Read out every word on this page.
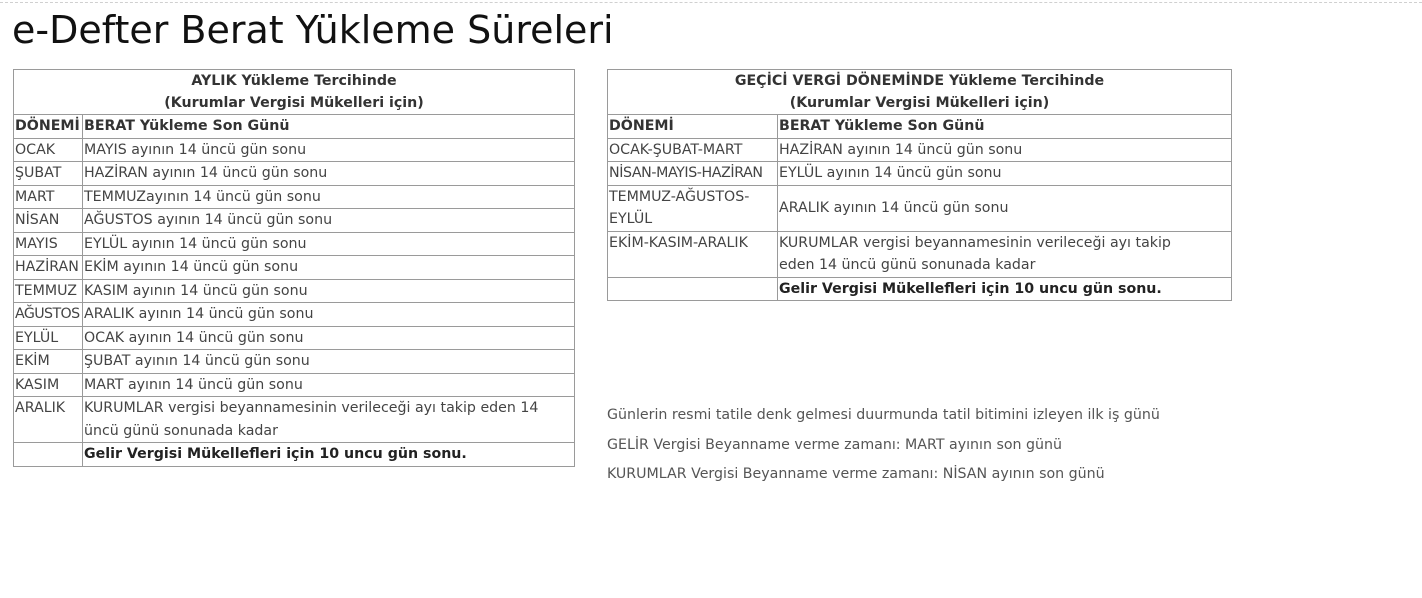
e-Defter Berat Yükleme Süreleri
AYLIK Yükleme Tercihinde
(Kurumlar Vergisi Mükelleri için)	

DÖNEMİ	BERAT Yükleme Son Günü
OCAK	MAYIS ayının 14 üncü gün sonu
ŞUBAT	HAZİRAN ayının 14 üncü gün sonu
MART	TEMMUZayının 14 üncü gün sonu
NİSAN	AĞUSTOS ayının 14 üncü gün sonu
MAYIS	EYLÜL ayının 14 üncü gün sonu
HAZİRAN	EKİM ayının 14 üncü gün sonu
TEMMUZ	KASIM ayının 14 üncü gün sonu
AĞUSTOS	ARALIK ayının 14 üncü gün sonu
EYLÜL	OCAK ayının 14 üncü gün sonu
EKİM	ŞUBAT ayının 14 üncü gün sonu
KASIM	MART ayının 14 üncü gün sonu
ARALIK	KURUMLAR vergisi beyannamesinin verileceği ayı takip eden 14 üncü günü sonunada kadar
	Gelir Vergisi Mükellefleri için 10 uncu gün sonu.
GEÇİCİ VERGİ DÖNEMİNDE Yükleme Tercihinde
(Kurumlar Vergisi Mükelleri için)	

DÖNEMİ	BERAT Yükleme Son Günü
OCAK-ŞUBAT-MART	HAZİRAN ayının 14 üncü gün sonu
NİSAN-MAYIS-HAZİRAN	EYLÜL ayının 14 üncü gün sonu
TEMMUZ-AĞUSTOS-EYLÜL	ARALIK ayının 14 üncü gün sonu
EKİM-KASIM-ARALIK	KURUMLAR vergisi beyannamesinin verileceği ayı takip eden 14 üncü günü sonunada kadar
	Gelir Vergisi Mükellefleri için 10 uncu gün sonu.

Günlerin resmi tatile denk gelmesi duurmunda tatil bitimini izleyen ilk iş günü

GELİR Vergisi Beyanname verme zamanı: MART ayının son günü

KURUMLAR Vergisi Beyanname verme zamanı: NİSAN ayının son günü
